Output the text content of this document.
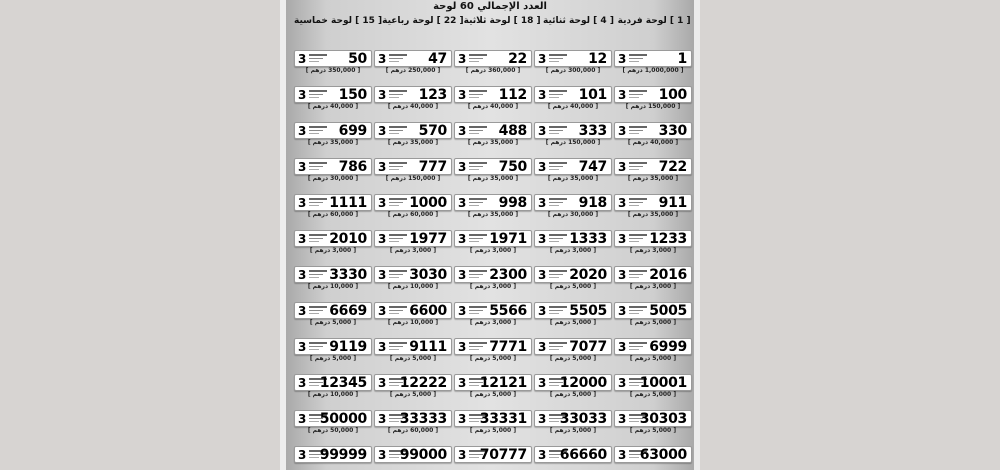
العدد الإجمالي 60 لوحة
[ 1 ] لوحة فردية
[ 4 ] لوحة ثنائية
[ 18 ] لوحة ثلاثية
[ 22 ] لوحة رباعية
[ 15 ] لوحة خماسية
3	1
[ 1,000,000 درهم ]
3	12
[ 300,000 درهم ]
3	22
[ 360,000 درهم ]
3	47
[ 250,000 درهم ]
3	50
[ 350,000 درهم ]
3 100
[ 150,000 درهم ]
3 101
[ 40,000 درهم ]
3 112
[ 40,000 درهم ]
3 123
[ 40,000 درهم ]
3 150
[ 40,000 درهم ]
3 330
[ 40,000 درهم ]
3 333
[ 150,000 درهم ]
3 488
[ 35,000 درهم ]
3 570
[ 35,000 درهم ]
3 699
[ 35,000 درهم ]
3 722
[ 35,000 درهم ]
3 747
[ 35,000 درهم ]
3 750
[ 35,000 درهم ]
3 777
[ 150,000 درهم ]
3 786
[ 30,000 درهم ]
3 911
[ 35,000 درهم ]
3 918
[ 30,000 درهم ]
3 998
[ 35,000 درهم ]
3 1000
[ 60,000 درهم ]
3 1111
[ 60,000 درهم ]
3 1233
[ 3,000 درهم ]
3 1333
[ 3,000 درهم ]
3 1971
[ 3,000 درهم ]
3 1977
[ 3,000 درهم ]
3 2010
[ 3,000 درهم ]
3 2016
[ 3,000 درهم ]
3 2020
[ 5,000 درهم ]
3 2300
[ 3,000 درهم ]
3 3030
[ 10,000 درهم ]
3 3330
[ 10,000 درهم ]
3 5005
[ 5,000 درهم ]
3 5505
[ 5,000 درهم ]
3 5566
[ 3,000 درهم ]
3 6600
[ 10,000 درهم ]
3 6669
[ 5,000 درهم ]
3 6999
[ 5,000 درهم ]
3 7077
[ 5,000 درهم ]
3 7771
[ 5,000 درهم ]
3 9111
[ 5,000 درهم ]
3 9119
[ 5,000 درهم ]
3 10001
[ 5,000 درهم ]
3 12000
[ 5,000 درهم ]
3 12121
[ 5,000 درهم ]
3 12222
[ 5,000 درهم ]
3 12345
[ 10,000 درهم ]
3 30303
[ 5,000 درهم ]
3 33033
[ 5,000 درهم ]
3 33331
[ 5,000 درهم ]
3 33333
[ 60,000 درهم ]
3 50000
[ 50,000 درهم ]
3 63000
3 66660
3 70777
3 99000
3 99999
